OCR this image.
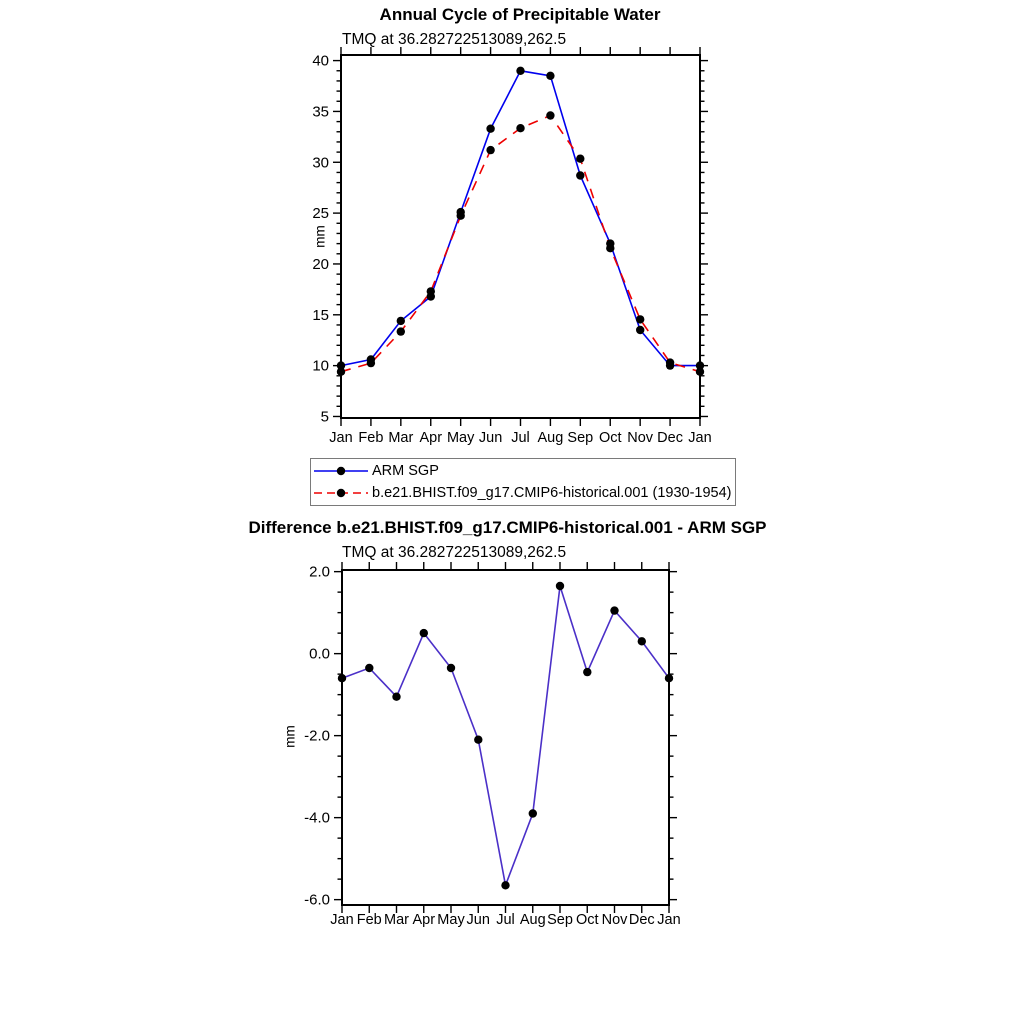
Annual Cycle of Precipitable Water
TMQ at 36.282722513089,262.5
mm
Difference b.e21.BHIST.f09_g17.CMIP6-historical.001 - ARM SGP
TMQ at 36.282722513089,262.5
mm
Jan Feb Mar Apr May Jun Jul Aug Sep Oct Nov Dec Jan
40
35
30
25
20
15
10
5
Jan Feb Mar Apr May Jun Jul Aug Sep Oct Nov Dec Jan
2.0
0.0
-2.0
-4.0
-6.0
ARM SGP
b.e21.BHIST.f09_g17.CMIP6-historical.001 (1930-1954)
